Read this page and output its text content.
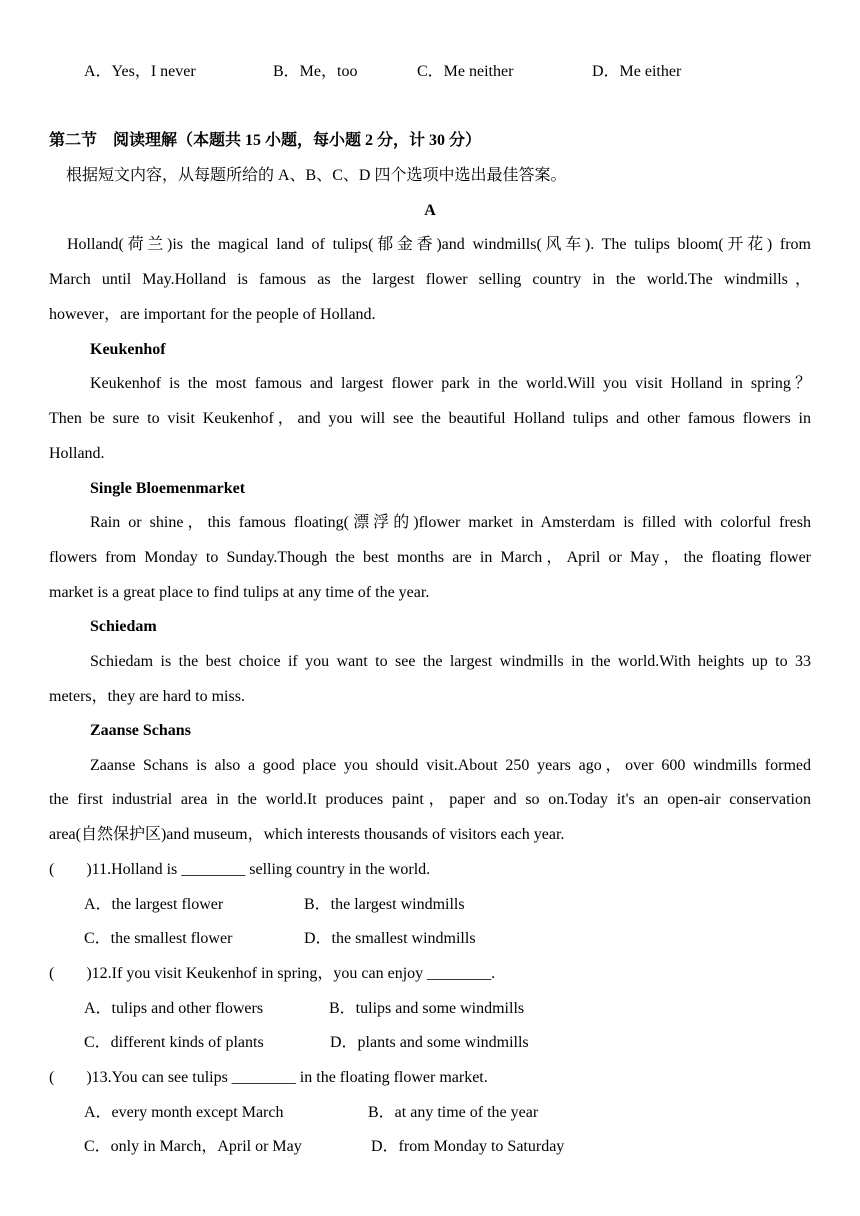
A．Yes，I never	B．Me，too	C．Me neither	D．Me either
第二节　阅读理解（本题共 15 小题，每小题 2 分，计 30 分）
根据短文内容，从每题所给的 A、B、C、D 四个选项中选出最佳答案。
A
Holland(荷兰)is the magical land of tulips(郁金香)and windmills(风车). The tulips bloom(开花) from
March until May.Holland is famous as the largest flower selling country in the world.The windmills，
however，are important for the people of Holland.
Keukenhof
Keukenhof is the most famous and largest flower park in the world.Will you visit Holland in spring？
Then be sure to visit Keukenhof，and you will see the beautiful Holland tulips and other famous flowers in
Holland.
Single Bloemenmarket
Rain or shine，this famous floating(漂浮的)flower market in Amsterdam is filled with colorful fresh
flowers from Monday to Sunday.Though the best months are in March，April or May，the floating flower
market is a great place to find tulips at any time of the year.
Schiedam
Schiedam is the best choice if you want to see the largest windmills in the world.With heights up to 33
meters，they are hard to miss.
Zaanse Schans
Zaanse Schans is also a good place you should visit.About 250 years ago，over 600 windmills formed
the first industrial area in the world.It produces paint，paper and so on.Today it's an open-air conservation
area(自然保护区)and museum，which interests thousands of visitors each year.
(　　)11.Holland is ________ selling country in the world.
A．the largest flower	B．the largest windmills
C．the smallest flower	D．the smallest windmills
(　　)12.If you visit Keukenhof in spring，you can enjoy ________.
A．tulips and other flowers	B．tulips and some windmills
C．different kinds of plants	D．plants and some windmills
(　　)13.You can see tulips ________ in the floating flower market.
A．every month except March	B．at any time of the year
C．only in March，April or May	D．from Monday to Saturday
